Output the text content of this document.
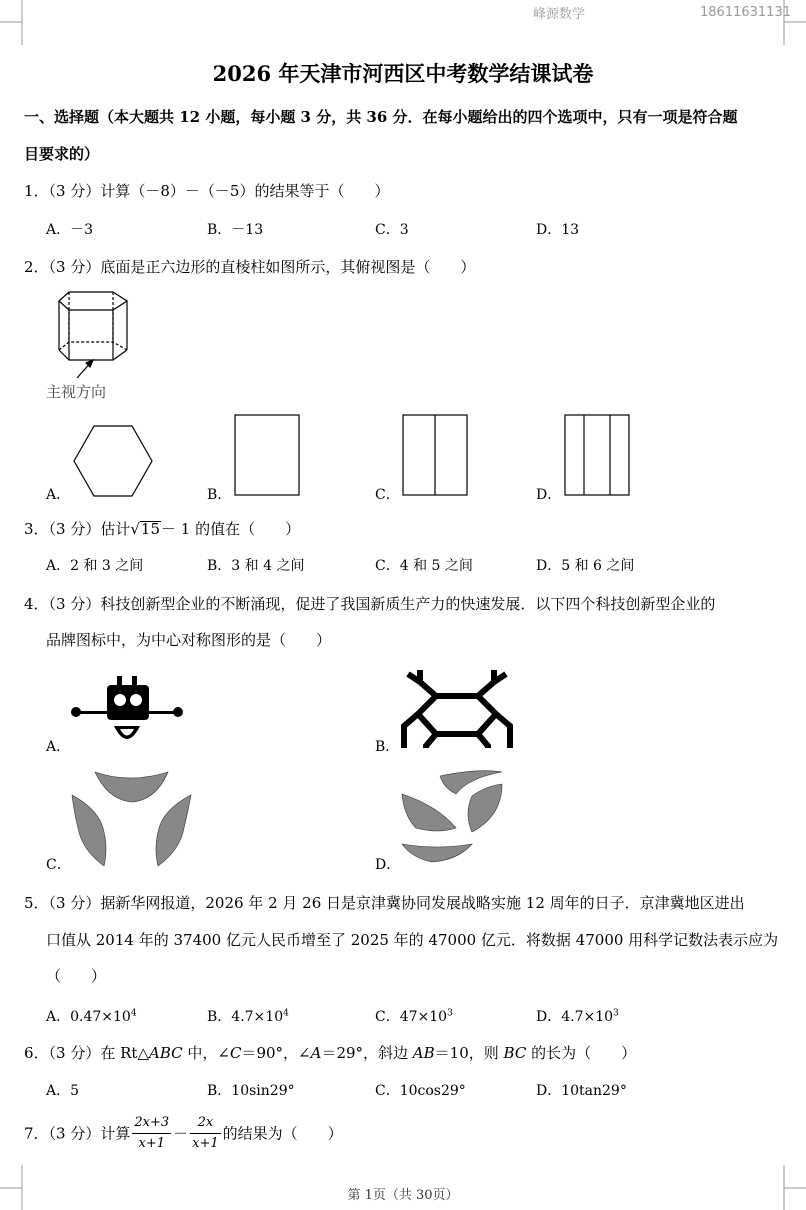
峰源数学	18611631131
2026 年天津市河西区中考数学结课试卷
一、选择题（本大题共 12 小题，每小题 3 分，共 36 分．在每小题给出的四个选项中，只有一项是符合题
目要求的）
1．（3 分）计算（－8）－（－5）的结果等于（　　）
A．－3	B．－13	C．3	D．13
2．（3 分）底面是正六边形的直棱柱如图所示，其俯视图是（　　）
主视方向
A．	B．	C．	D．
3．（3 分）估计√15－ 1 的值在（　　）
A．2 和 3 之间	B．3 和 4 之间	C．4 和 5 之间	D．5 和 6 之间
4．（3 分）科技创新型企业的不断涌现，促进了我国新质生产力的快速发展．以下四个科技创新型企业的
品牌图标中，为中心对称图形的是（　　）
A．	B．
C．	D．
5．（3 分）据新华网报道，2026 年 2 月 26 日是京津冀协同发展战略实施 12 周年的日子．京津冀地区进出
口值从 2014 年的 37400 亿元人民币增至了 2025 年的 47000 亿元．将数据 47000 用科学记数法表示应为
（　　）
A．$0.47\times 10^4$	B．$4.7\times 10^4$	C．$47\times 10^3$	D．$4.7\times 10^3$
6．（3 分）在 Rt△ABC 中，∠C＝90°，∠A＝29°，斜边 AB＝10，则 BC 的长为（　　）
A．5	B．10sin29°	C．10cos29°	D．10tan29°
7．（3 分）计算 $\frac{2x+3}{x+1} - \frac{2x}{x+1}$ 的结果为（　　）
第 1页（共 30页）
